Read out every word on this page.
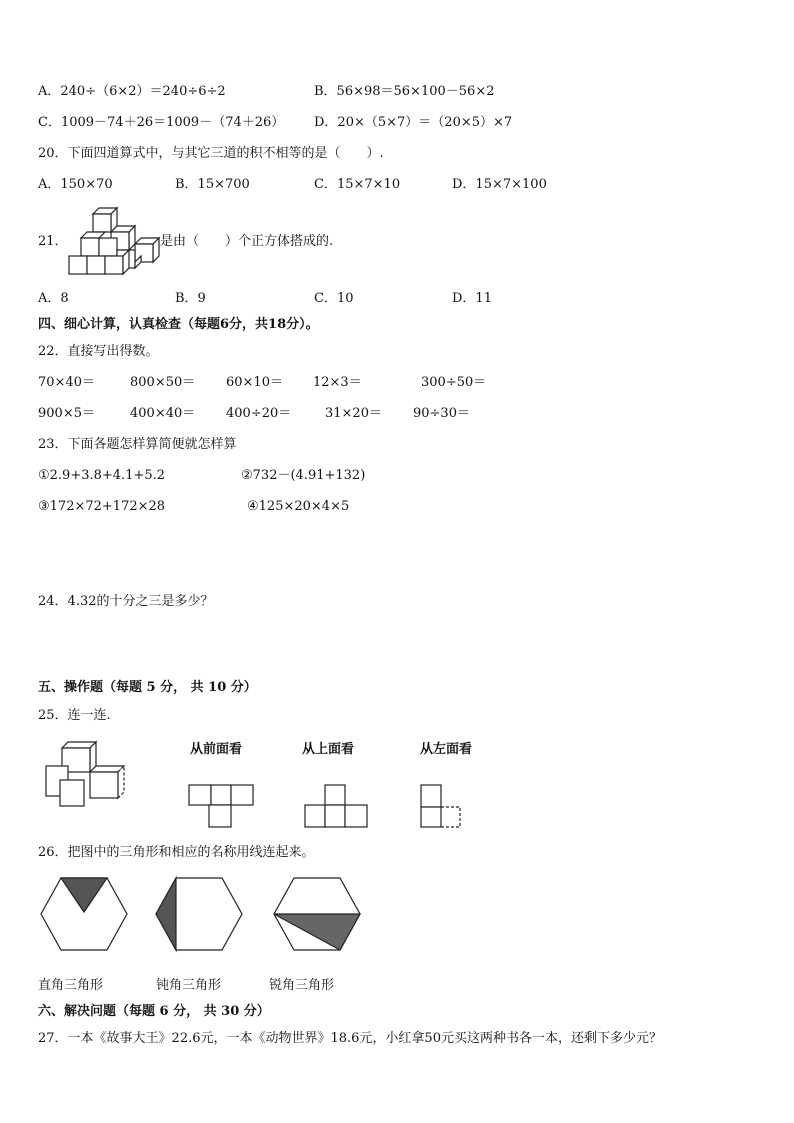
A．240÷（6×2）＝240÷6÷2	B．56×98＝56×100－56×2
C．1009－74＋26＝1009－（74＋26） D．20×（5×7）＝（20×5）×7
20．下面四道算式中，与其它三道的积不相等的是（　　）.
A．150×70	B．15×700	C．15×7×10	D．15×7×100
21．	是由（　　）个正方体搭成的.
A．8	B．9	C．10	D．11
四、细心计算，认真检查（每题6分，共18分）。
22．直接写出得数。
70×40＝	800×50＝ 60×10＝ 12×3＝	300÷50＝
900×5＝	400×40＝ 400÷20＝	31×20＝ 90÷30＝
23．下面各题怎样算简便就怎样算
①2.9+3.8+4.1+5.2	②732－(4.91+132)
③172×72+172×28	④125×20×4×5
24．4.32的十分之三是多少？
五、操作题（每题 5 分， 共 10 分）
25．连一连.
从前面看	从上面看	从左面看
26．把图中的三角形和相应的名称用线连起来。
直角三角形	钝角三角形	锐角三角形
六、解决问题（每题 6 分， 共 30 分）
27．一本《故事大王》22.6元，一本《动物世界》18.6元，小红拿50元买这两种书各一本，还剩下多少元？
